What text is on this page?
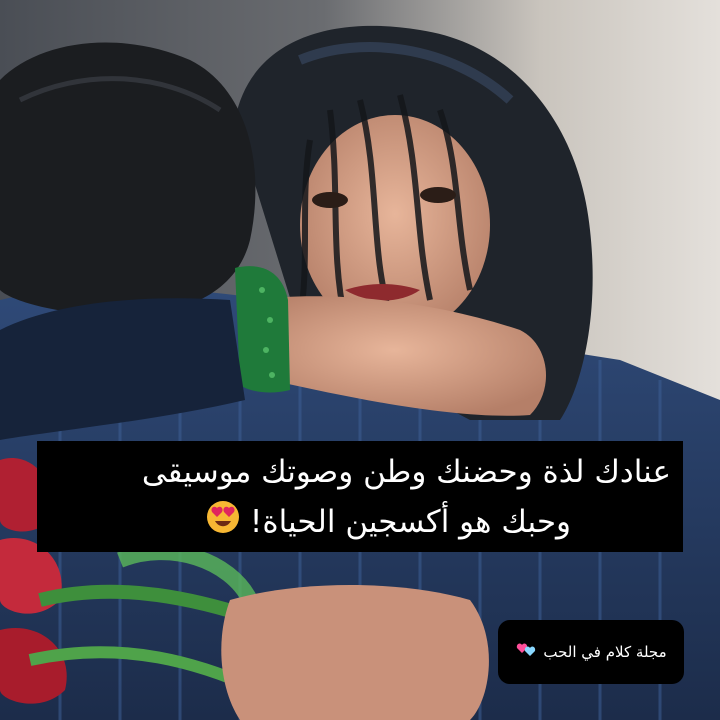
عنادك لذة وحضنك وطن وصوتك موسيقى
وحبك هو أكسجين الحياة!
مجلة كلام في الحب
